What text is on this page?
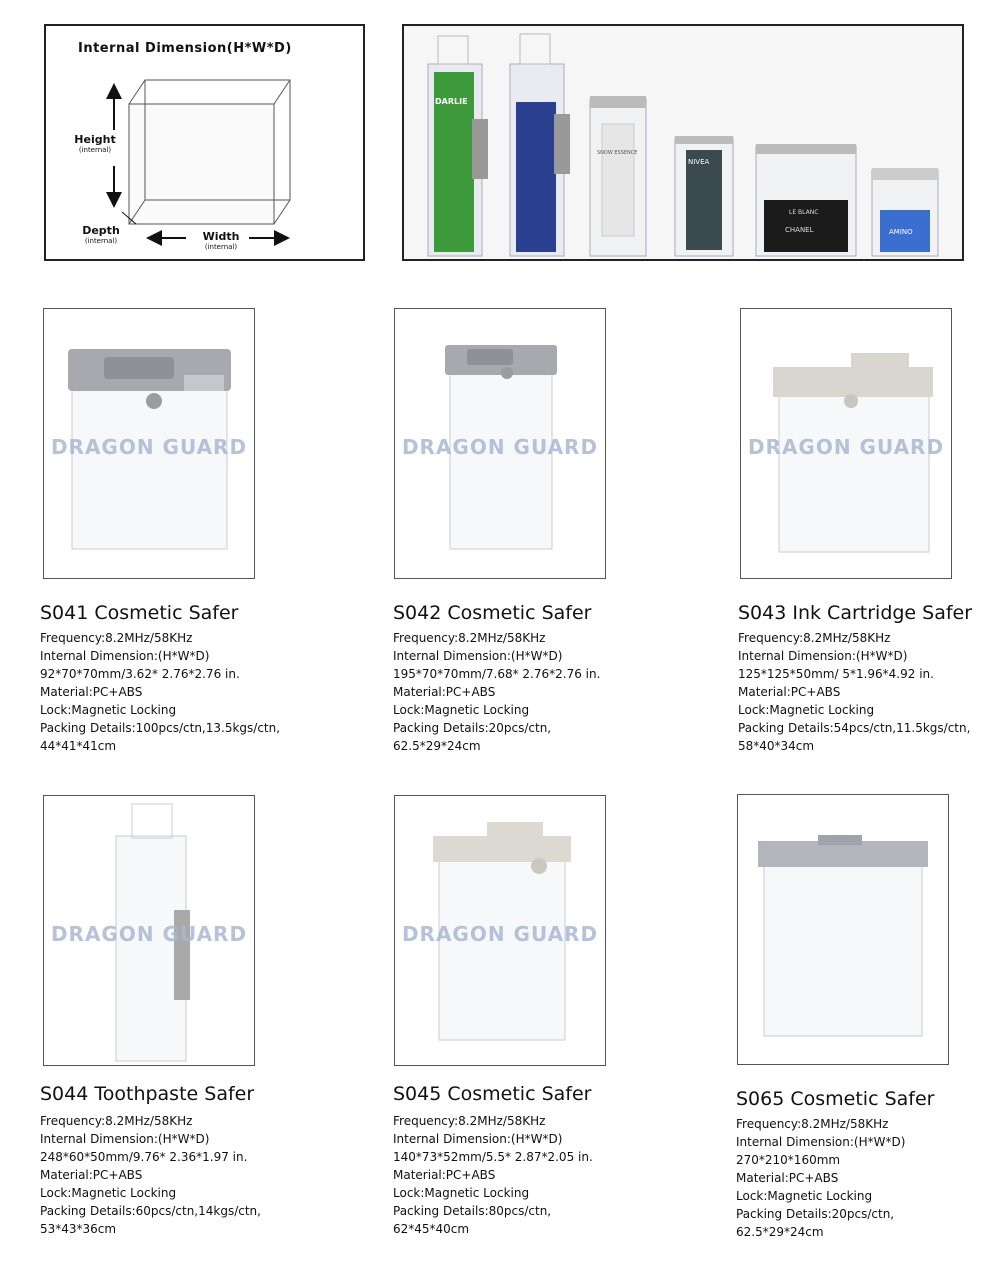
Internal Dimension(H*W*D)
Height
(internal)
Depth
(internal)	Width
(internal)
DARLIE
NIVEA
SNOW ESSENCE
CHANEL
LE BLANC
AMINO
DRAGON GUARD	DRAGON GUARD	DRAGON GUARD
S041 Cosmetic Safer
Frequency:8.2MHz/58KHz
Internal Dimension:(H*W*D)
92*70*70mm/3.62* 2.76*2.76 in.
Material:PC+ABS
Lock:Magnetic Locking
Packing Details:100pcs/ctn,13.5kgs/ctn,
44*41*41cm
S042 Cosmetic Safer
Frequency:8.2MHz/58KHz
Internal Dimension:(H*W*D)
195*70*70mm/7.68* 2.76*2.76 in.
Material:PC+ABS
Lock:Magnetic Locking
Packing Details:20pcs/ctn,
62.5*29*24cm
S043 Ink Cartridge Safer
Frequency:8.2MHz/58KHz
Internal Dimension:(H*W*D)
125*125*50mm/ 5*1.96*4.92 in.
Material:PC+ABS
Lock:Magnetic Locking
Packing Details:54pcs/ctn,11.5kgs/ctn,
58*40*34cm
DRAGON GUARD	DRAGON GUARD
S044 Toothpaste Safer
Frequency:8.2MHz/58KHz
Internal Dimension:(H*W*D)
248*60*50mm/9.76* 2.36*1.97 in.
Material:PC+ABS
Lock:Magnetic Locking
Packing Details:60pcs/ctn,14kgs/ctn,
53*43*36cm
S045 Cosmetic Safer
Frequency:8.2MHz/58KHz
Internal Dimension:(H*W*D)
140*73*52mm/5.5* 2.87*2.05 in.
Material:PC+ABS
Lock:Magnetic Locking
Packing Details:80pcs/ctn,
62*45*40cm
S065 Cosmetic Safer
Frequency:8.2MHz/58KHz
Internal Dimension:(H*W*D)
270*210*160mm
Material:PC+ABS
Lock:Magnetic Locking
Packing Details:20pcs/ctn,
62.5*29*24cm
